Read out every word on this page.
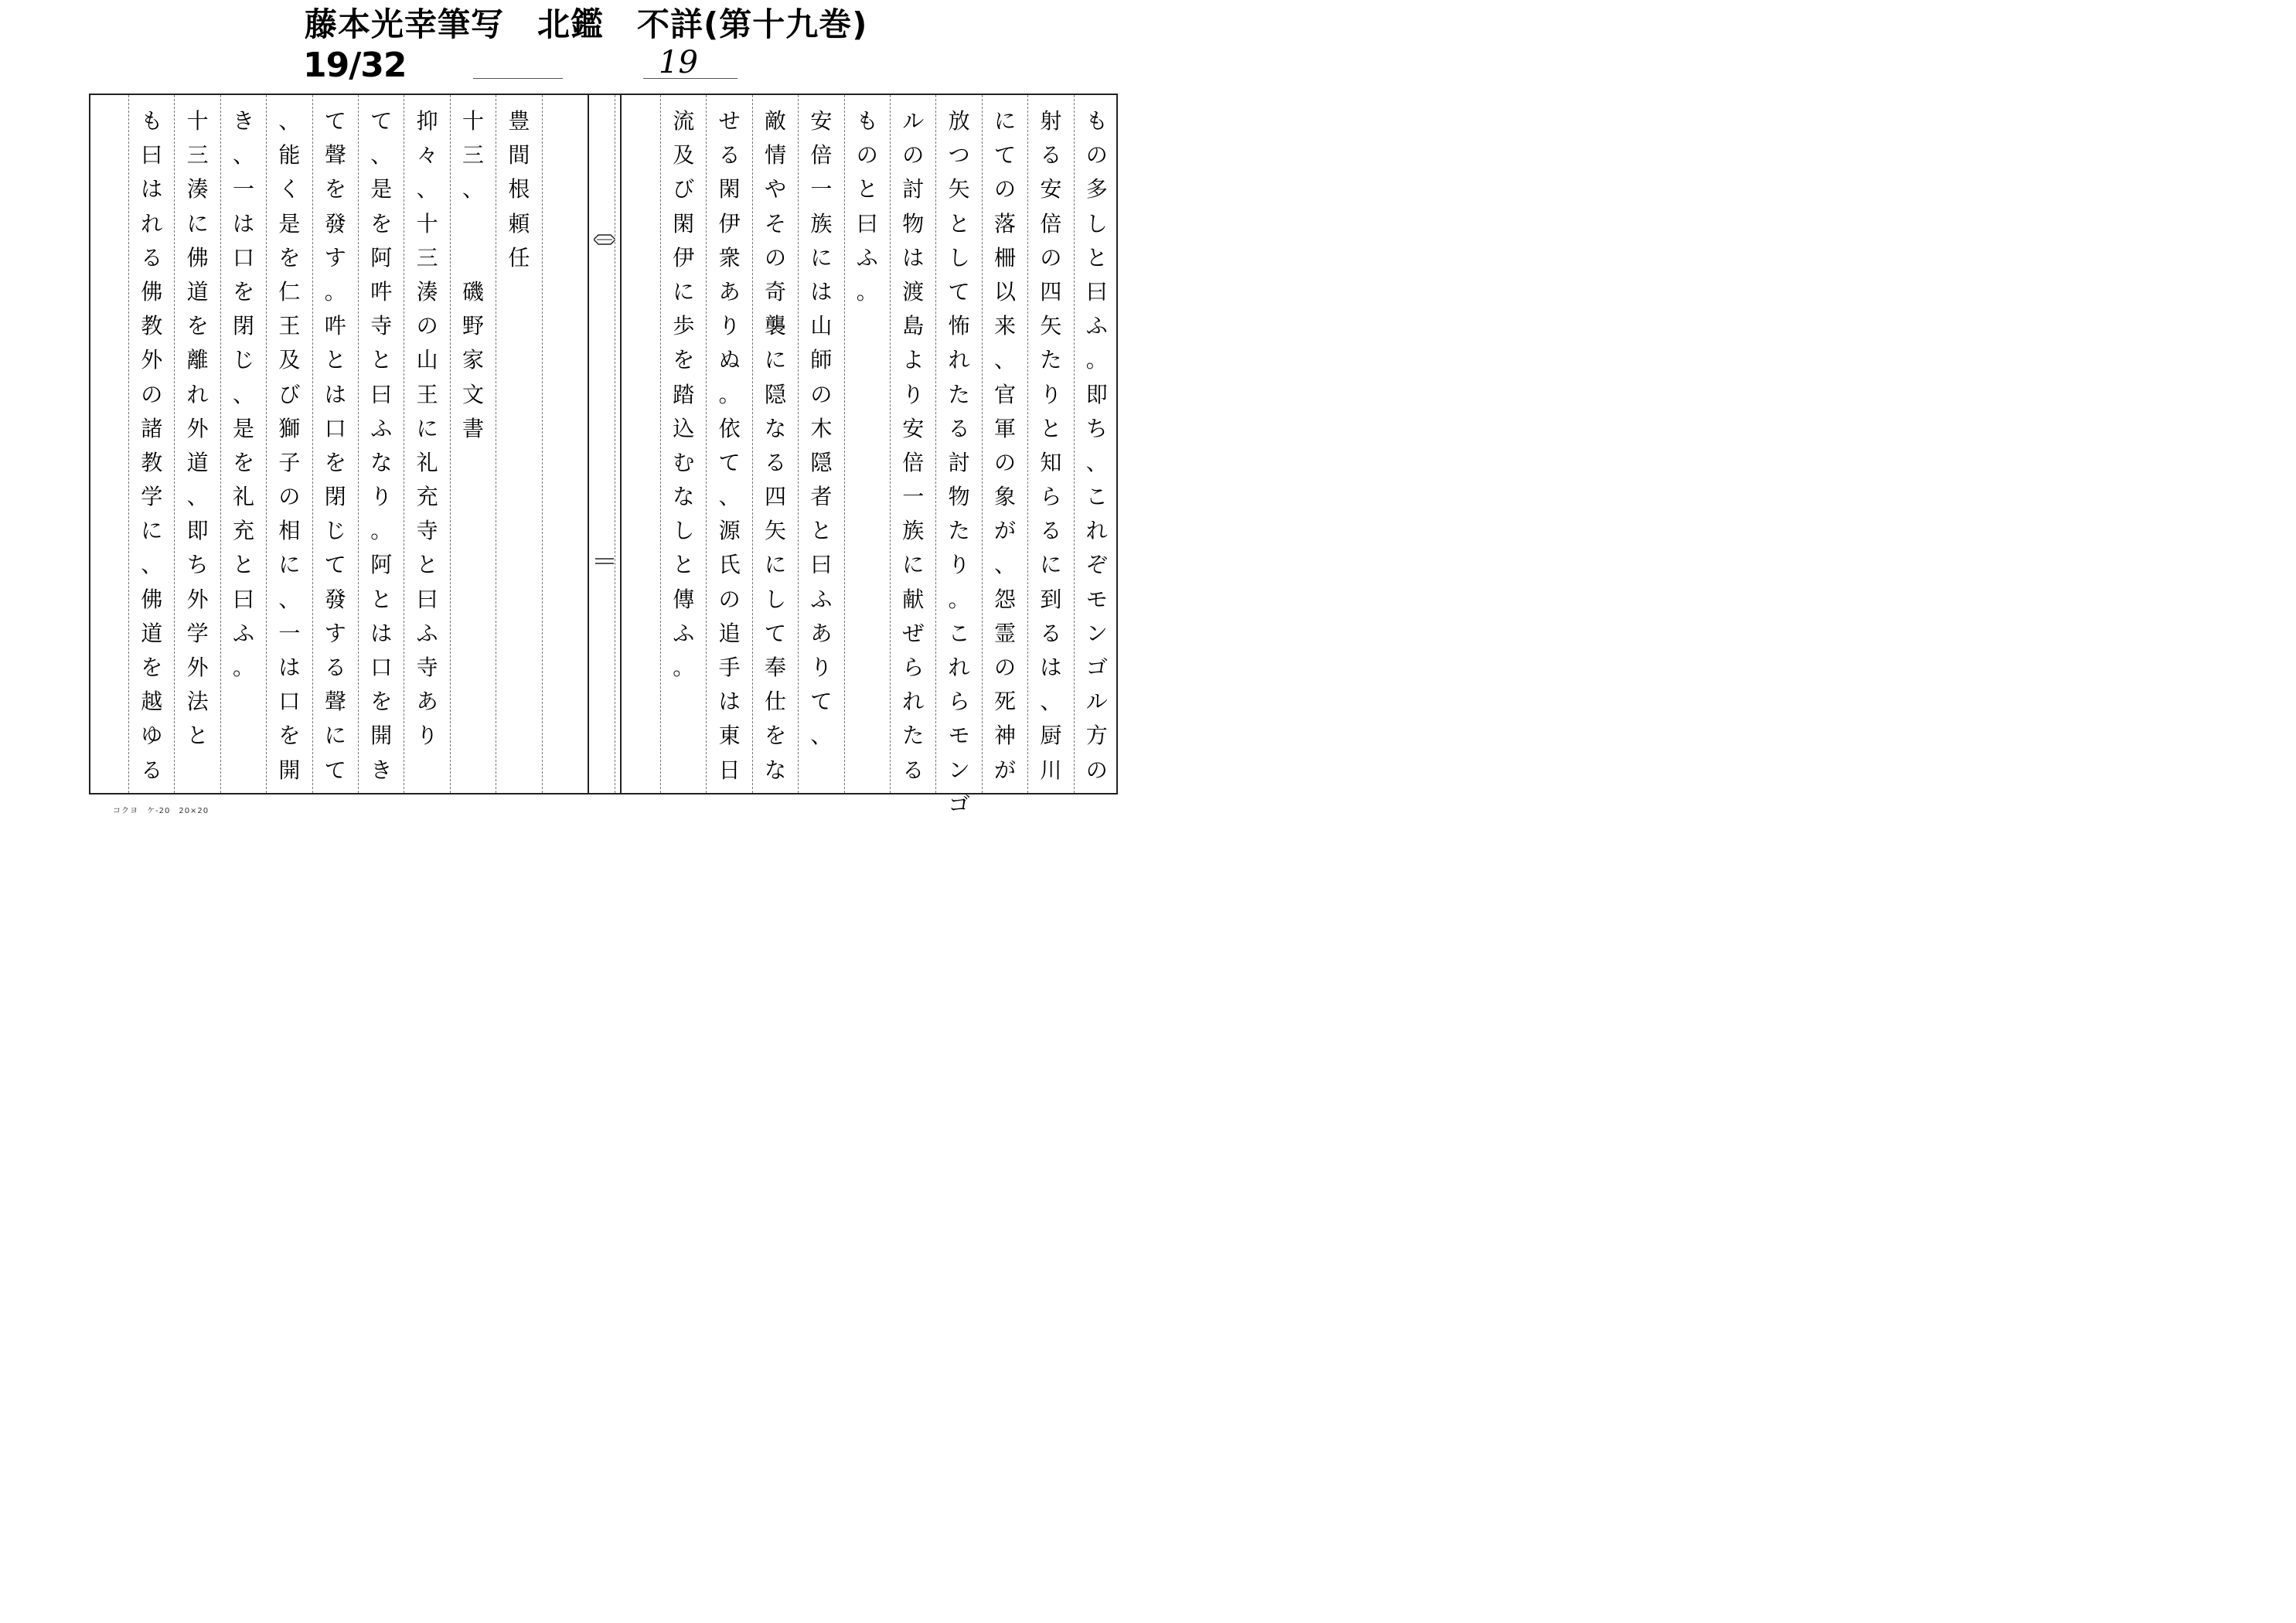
藤本光幸筆写　北鑑　不詳(第十九巻)
19/32	19
も
の
多
し
と
曰
ふ
。
即
ち
、
こ
れ
ぞ
モ
ン
ゴ
ル
方
の
射
る
安
倍
の
四
矢
た
り
と
知
ら
る
に
到
る
は
、
厨
川
に
て
の
落
柵
以
来
、
官
軍
の
象
が
、
怨
霊
の
死
神
が
放
つ
矢
と
し
て
怖
れ
た
る
討
物
た
り
。
こ
れ
ら
モ
ン
ゴ
ル
の
討
物
は
渡
島
よ
り
安
倍
一
族
に
献
ぜ
ら
れ
た
る
も
の
と
曰
ふ
。
安
倍
一
族
に
は
山
師
の
木
隠
者
と
曰
ふ
あ
り
て
、
敵
情
や
そ
の
奇
襲
に
隠
な
る
四
矢
に
し
て
奉
仕
を
な
せ
る
閑
伊
衆
あ
り
ぬ
。
依
て
、
源
氏
の
追
手
は
東
日
流
及
び
閑
伊
に
歩
を
踏
込
む
な
し
と
傳
ふ
。
豊
間
根
頼
任
十
三
、

磯
野
家
文
書
抑
々
、
十
三
湊
の
山
王
に
礼
充
寺
と
曰
ふ
寺
あ
り
て
、
是
を
阿
吽
寺
と
曰
ふ
な
り
。
阿
と
は
口
を
開
き
て
聲
を
發
す
。
吽
と
は
口
を
閉
じ
て
發
す
る
聲
に
て
、
能
く
是
を
仁
王
及
び
獅
子
の
相
に
、
一
は
口
を
開
き
、
一
は
口
を
閉
じ
、
是
を
礼
充
と
曰
ふ
。
十
三
湊
に
佛
道
を
離
れ
外
道
、
即
ち
外
学
外
法
と
も
曰
は
れ
る
佛
教
外
の
諸
教
学
に
、
佛
道
を
越
ゆ
る
コクヨ　ケ-20　20×20
